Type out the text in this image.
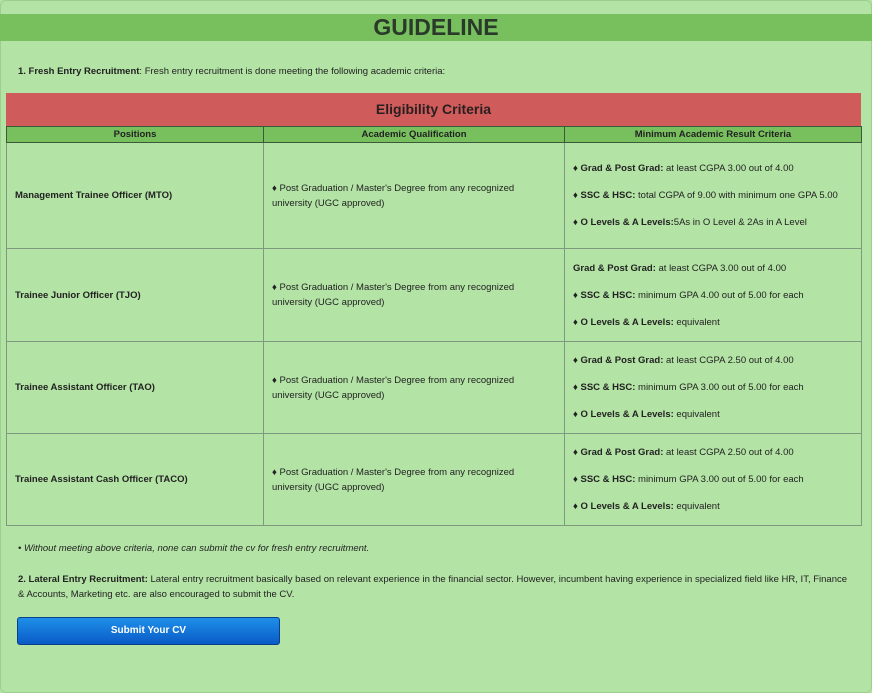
GUIDELINE
1. Fresh Entry Recruitment: Fresh entry recruitment is done meeting the following academic criteria:
Eligibility Criteria
Positions	Academic Qualification	Minimum Academic Result Criteria
Management Trainee Officer (MTO)	♦ Post Graduation / Master's Degree from any recognized university (UGC approved)	♦ Grad & Post Grad: at least CGPA 3.00 out of 4.00
♦ SSC & HSC: total CGPA of 9.00 with minimum one GPA 5.00
♦ O Levels & A Levels:5As in O Level & 2As in A Level

Trainee Junior Officer (TJO)	♦ Post Graduation / Master's Degree from any recognized university (UGC approved)	Grad & Post Grad: at least CGPA 3.00 out of 4.00
♦ SSC & HSC: minimum GPA 4.00 out of 5.00 for each
♦ O Levels & A Levels: equivalent

Trainee Assistant Officer (TAO)	♦ Post Graduation / Master's Degree from any recognized university (UGC approved)	♦ Grad & Post Grad: at least CGPA 2.50 out of 4.00
♦ SSC & HSC: minimum GPA 3.00 out of 5.00 for each
♦ O Levels & A Levels: equivalent

Trainee Assistant Cash Officer (TACO)	♦ Post Graduation / Master's Degree from any recognized university (UGC approved)	♦ Grad & Post Grad: at least CGPA 2.50 out of 4.00
♦ SSC & HSC: minimum GPA 3.00 out of 5.00 for each
♦ O Levels & A Levels: equivalent
• Without meeting above criteria, none can submit the cv for fresh entry recruitment.
2. Lateral Entry Recruitment: Lateral entry recruitment basically based on relevant experience in the financial sector. However, incumbent having experience in specialized field like HR, IT, Finance & Accounts, Marketing etc. are also encouraged to submit the CV.
Submit Your CV
